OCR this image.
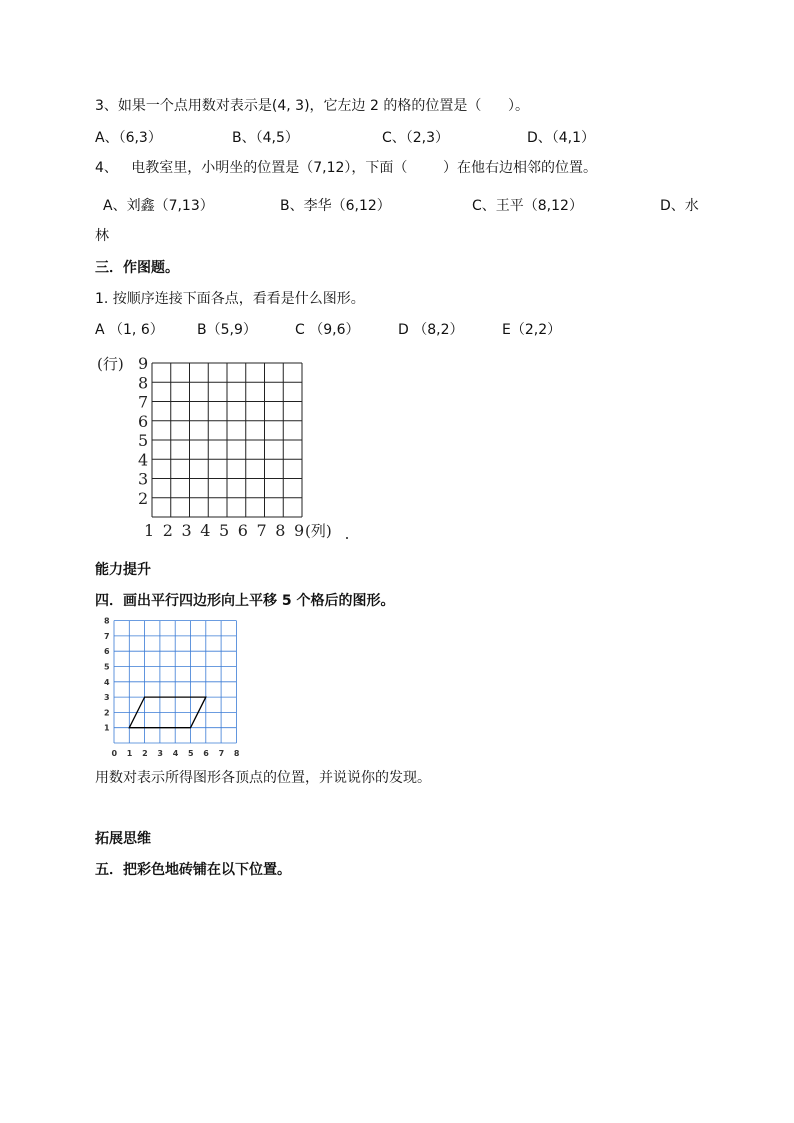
3、如果一个点用数对表示是(4, 3)，它左边 2 的格的位置是（      ）。
A、（6,3）	B、（4,5）	C、（2,3）	D、（4,1）
4、   电教室里，小明坐的位置是（7,12），下面（        ）在他右边相邻的位置。
A、刘鑫（7,13）	B、李华（6,12）	C、王平（8,12）	D、水
林
三．作图题。
1. 按顺序连接下面各点，看看是什么图形。
A （1, 6） B（5,9）	C （9,6）	D （8,2）	E（2,2）
(行)
(列)
9
8
7
6
5
4
3
2
1 2 3 4 5 6 7 8 9
能力提升
四．画出平行四边形向上平移 5 个格后的图形。
0 1 2 3 4 5 6 7 8
1
2
3
4
5
6
7
8
用数对表示所得图形各顶点的位置，并说说你的发现。
拓展思维
五．把彩色地砖铺在以下位置。
